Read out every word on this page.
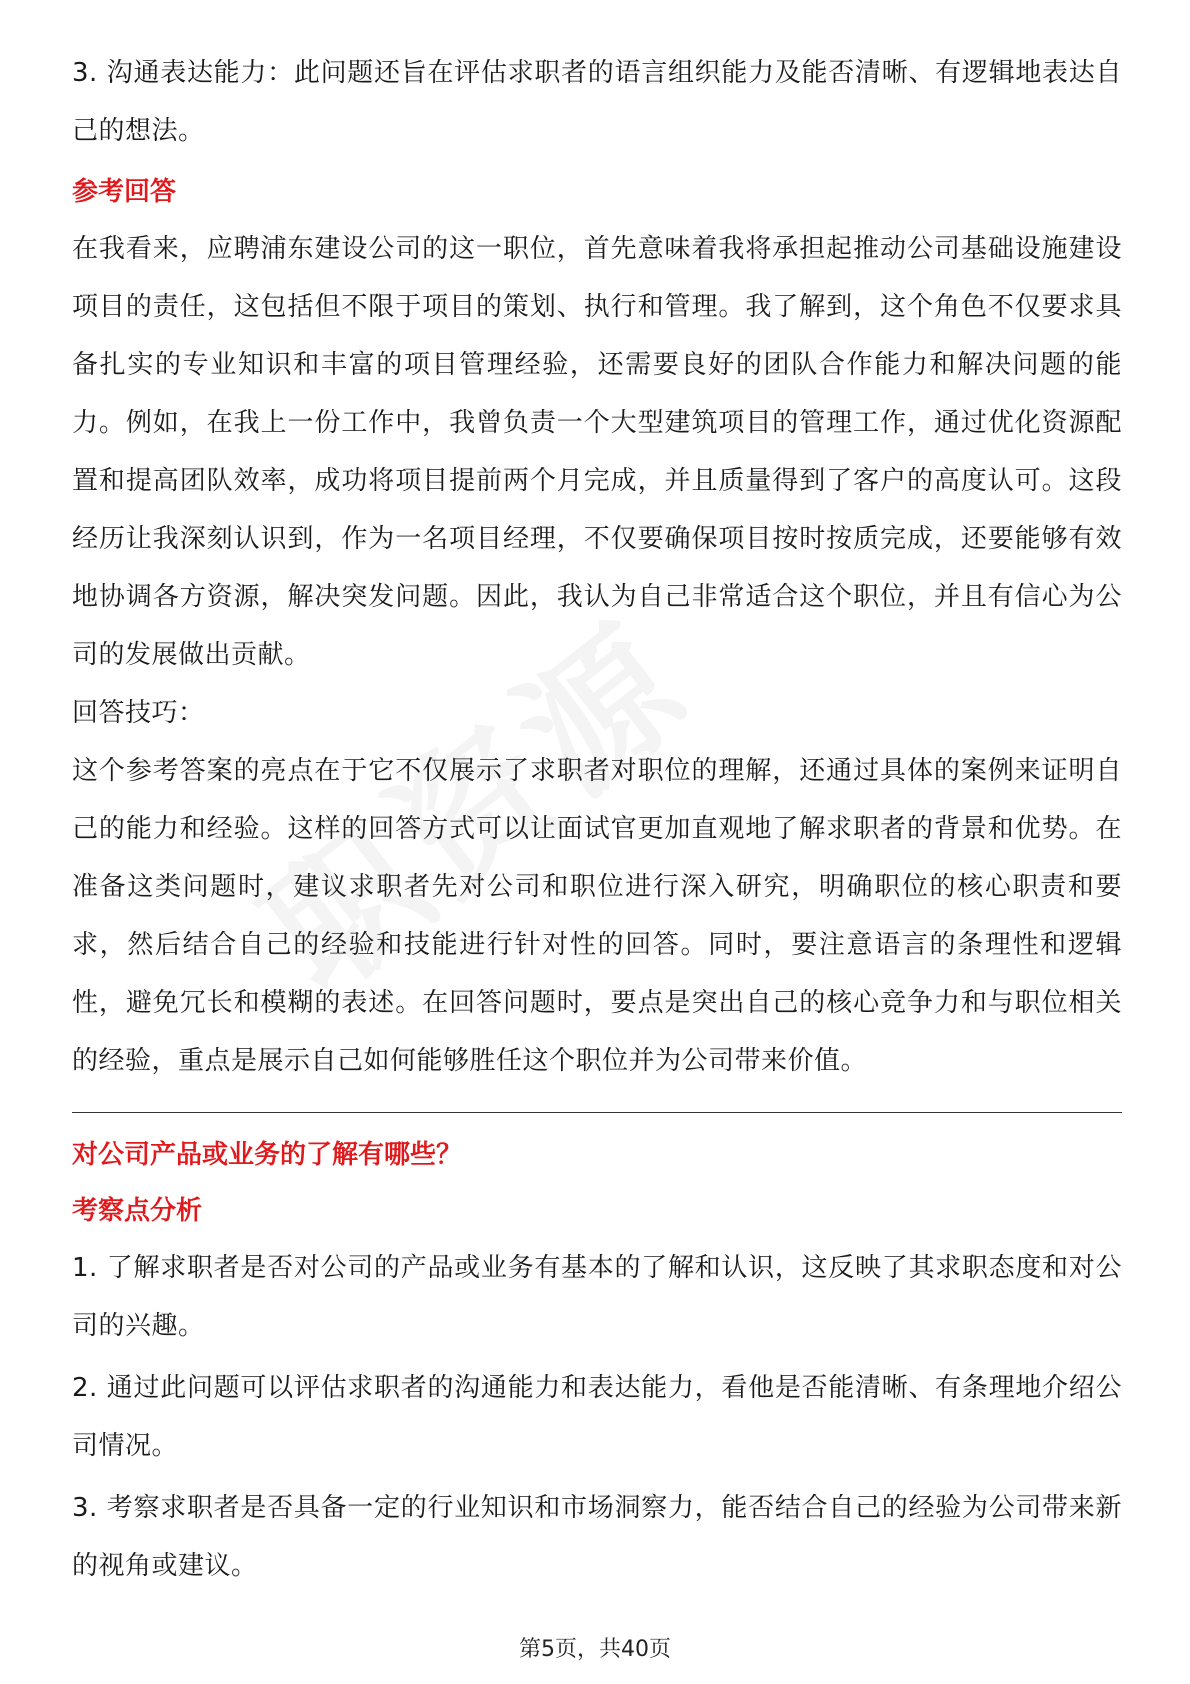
3. 沟通表达能力：此问题还旨在评估求职者的语言组织能力及能否清晰、有逻辑地表达自己的想法。

参考回答

在我看来，应聘浦东建设公司的这一职位，首先意味着我将承担起推动公司基础设施建设项目的责任，这包括但不限于项目的策划、执行和管理。我了解到，这个角色不仅要求具备扎实的专业知识和丰富的项目管理经验，还需要良好的团队合作能力和解决问题的能力。例如，在我上一份工作中，我曾负责一个大型建筑项目的管理工作，通过优化资源配置和提高团队效率，成功将项目提前两个月完成，并且质量得到了客户的高度认可。这段经历让我深刻认识到，作为一名项目经理，不仅要确保项目按时按质完成，还要能够有效地协调各方资源，解决突发问题。因此，我认为自己非常适合这个职位，并且有信心为公司的发展做出贡献。

回答技巧：

这个参考答案的亮点在于它不仅展示了求职者对职位的理解，还通过具体的案例来证明自己的能力和经验。这样的回答方式可以让面试官更加直观地了解求职者的背景和优势。在准备这类问题时，建议求职者先对公司和职位进行深入研究，明确职位的核心职责和要求，然后结合自己的经验和技能进行针对性的回答。同时，要注意语言的条理性和逻辑性，避免冗长和模糊的表述。在回答问题时，要点是突出自己的核心竞争力和与职位相关的经验，重点是展示自己如何能够胜任这个职位并为公司带来价值。

对公司产品或业务的了解有哪些？
考察点分析

1. 了解求职者是否对公司的产品或业务有基本的了解和认识，这反映了其求职态度和对公司的兴趣。

2. 通过此问题可以评估求职者的沟通能力和表达能力，看他是否能清晰、有条理地介绍公司情况。

3. 考察求职者是否具备一定的行业知识和市场洞察力，能否结合自己的经验为公司带来新的视角或建议。

第5页，共40页
